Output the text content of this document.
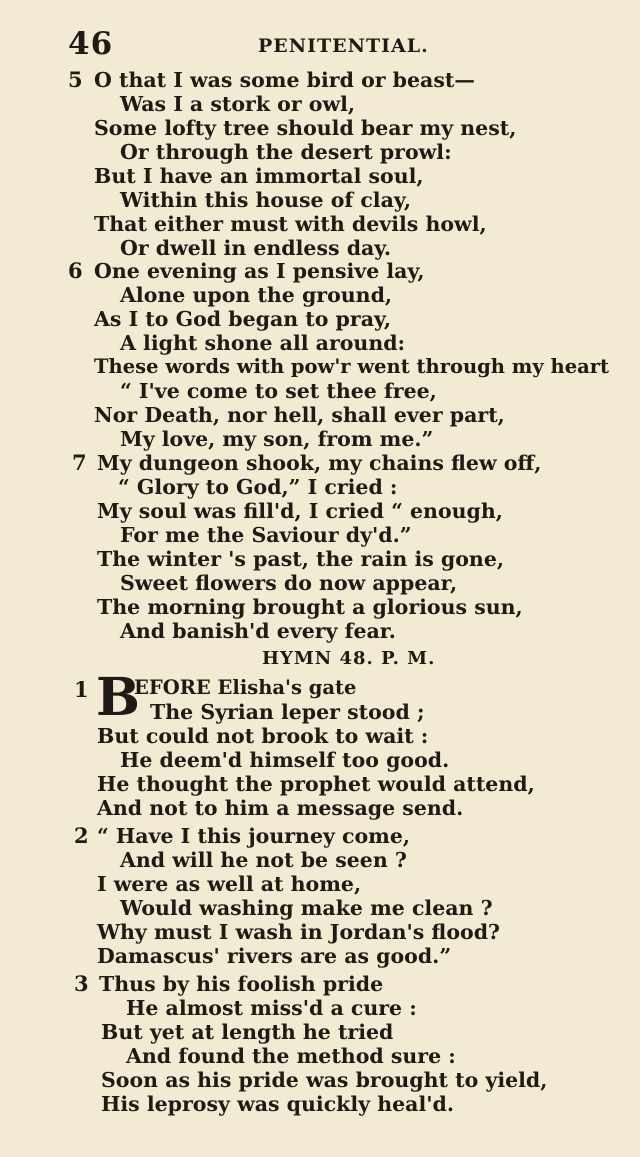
46	PENITENTIAL.
5 O that I was some bird or beast—
Was I a stork or owl,
Some lofty tree should bear my nest,
Or through the desert prowl:
But I have an immortal soul,
Within this house of clay,
That either must with devils howl,
Or dwell in endless day.
6 One evening as I pensive lay,
Alone upon the ground,
As I to God began to pray,
A light shone all around:
These words with pow'r went through my heart
“ I've come to set thee free,
Nor Death, nor hell, shall ever part,
My love, my son, from me.”
7 My dungeon shook, my chains flew off,
“ Glory to God,” I cried :
My soul was fill'd, I cried “ enough,
For me the Saviour dy'd.”
The winter 's past, the rain is gone,
Sweet flowers do now appear,
The morning brought a glorious sun,
And banish'd every fear.
HYMN 48. P. M.
1 B
EFORE Elisha's gate
The Syrian leper stood ;
But could not brook to wait :
He deem'd himself too good.
He thought the prophet would attend,
And not to him a message send.
2 “ Have I this journey come,
And will he not be seen ?
I were as well at home,
Would washing make me clean ?
Why must I wash in Jordan's flood?
Damascus' rivers are as good.”
3 Thus by his foolish pride
He almost miss'd a cure :
But yet at length he tried
And found the method sure :
Soon as his pride was brought to yield,
His leprosy was quickly heal'd.
